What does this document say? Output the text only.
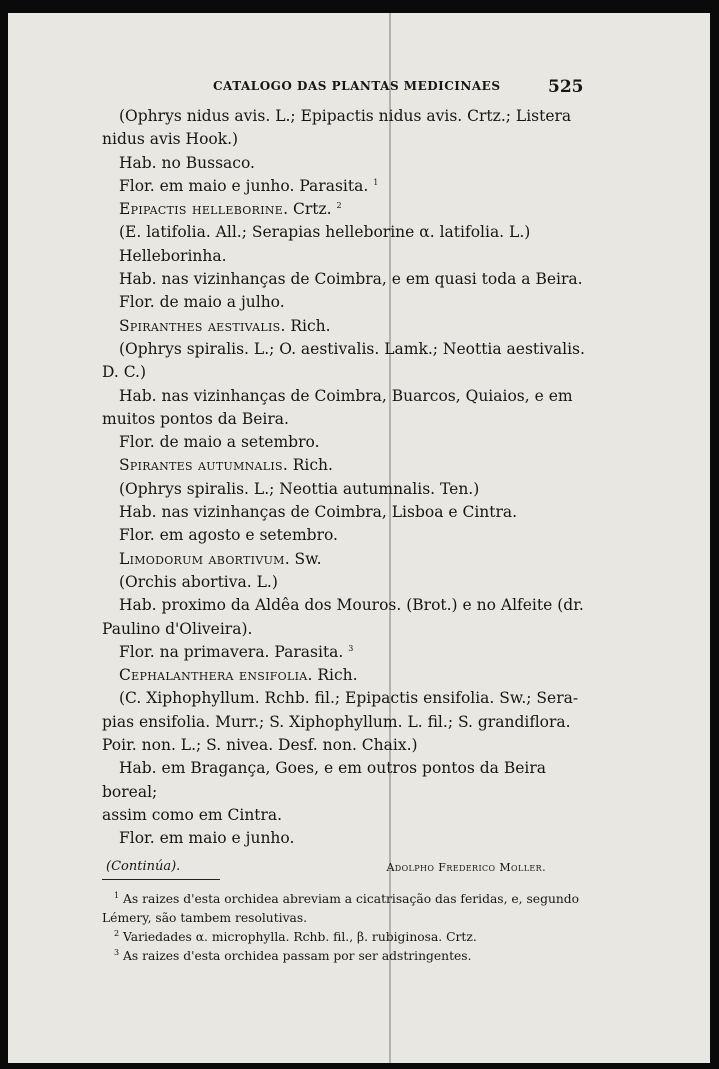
CATALOGO DAS PLANTAS MEDICINAES	525

(Ophrys nidus avis. L.; Epipactis nidus avis. Crtz.; Listera

nidus avis Hook.)

Hab. no Bussaco.

Flor. em maio e junho. Parasita. $^1$

Epipactis helleborine. Crtz. $^2$

(E. latifolia. All.; Serapias helleborine α. latifolia. L.)

Helleborinha.

Hab. nas vizinhanças de Coimbra, e em quasi toda a Beira.

Flor. de maio a julho.

Spiranthes aestivalis. Rich.

(Ophrys spiralis. L.; O. aestivalis. Lamk.; Neottia aestivalis.

D. C.)

Hab. nas vizinhanças de Coimbra, Buarcos, Quiaios, e em

muitos pontos da Beira.

Flor. de maio a setembro.

Spirantes autumnalis. Rich.

(Ophrys spiralis. L.; Neottia autumnalis. Ten.)

Hab. nas vizinhanças de Coimbra, Lisboa e Cintra.

Flor. em agosto e setembro.

Limodorum abortivum. Sw.

(Orchis abortiva. L.)

Hab. proximo da Aldêa dos Mouros. (Brot.) e no Alfeite (dr.

Paulino d'Oliveira).

Flor. na primavera. Parasita. $^3$

Cephalanthera ensifolia. Rich.

(C. Xiphophyllum. Rchb. fil.; Epipactis ensifolia. Sw.; Sera-

pias ensifolia. Murr.; S. Xiphophyllum. L. fil.; S. grandiflora.

Poir. non. L.; S. nivea. Desf. non. Chaix.)

Hab. em Bragança, Goes, e em outros pontos da Beira boreal;

assim como em Cintra.

Flor. em maio e junho.

(Continúa).	Adolpho Frederico Moller.

$^1$ As raizes d'esta orchidea abreviam a cicatrisação das feridas, e, segundo

Lémery, são tambem resolutivas.

$^2$ Variedades α. microphylla. Rchb. fil., β. rubiginosa. Crtz.

$^3$ As raizes d'esta orchidea passam por ser adstringentes.
